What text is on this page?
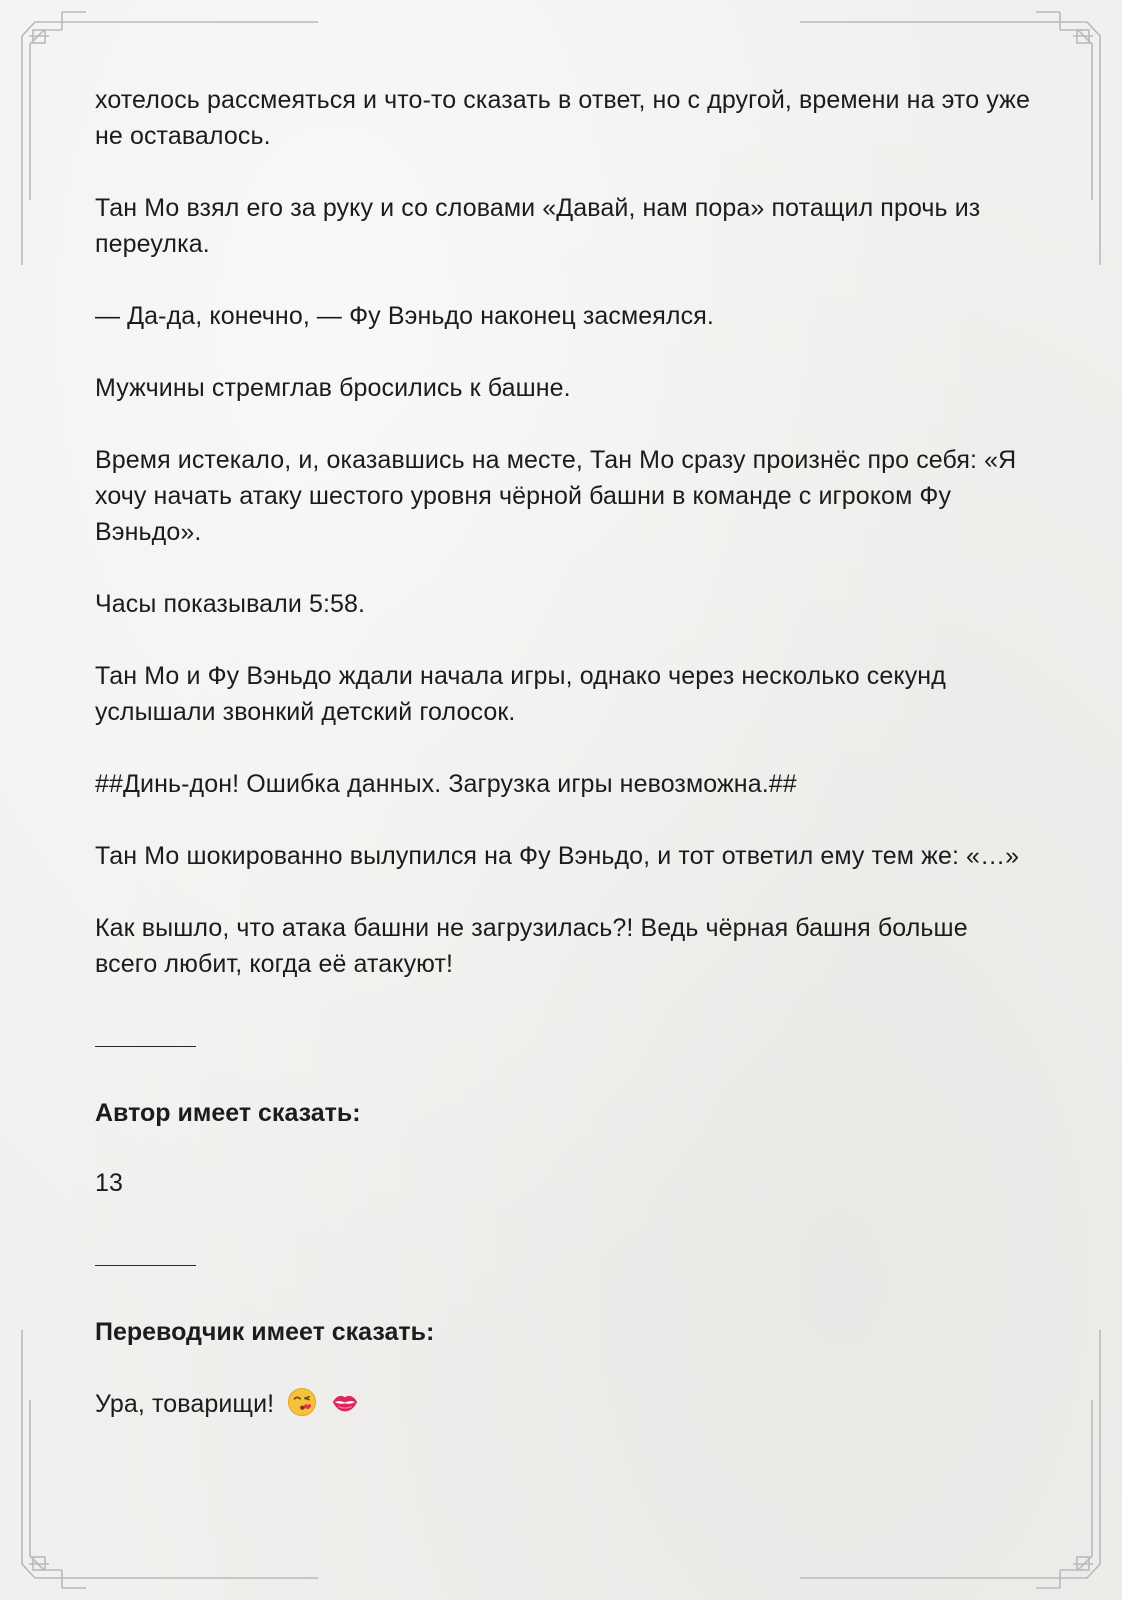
хотелось рассмеяться и что-то сказать в ответ, но с другой, времени на это уже не оставалось.

Тан Мо взял его за руку и со словами «Давай, нам пора» потащил прочь из переулка.

— Да-да, конечно, — Фу Вэньдо наконец засмеялся.

Мужчины стремглав бросились к башне.

Время истекало, и, оказавшись на месте, Тан Мо сразу произнёс про себя: «Я хочу начать атаку шестого уровня чёрной башни в команде с игроком Фу Вэньдо».

Часы показывали 5:58.

Тан Мо и Фу Вэньдо ждали начала игры, однако через несколько секунд услышали звонкий детский голосок.

##Динь-дон! Ошибка данных. Загрузка игры невозможна.##

Тан Мо шокированно вылупился на Фу Вэньдо, и тот ответил ему тем же: «…»

Как вышло, что атака башни не загрузилась?! Ведь чёрная башня больше всего любит, когда её атакуют!

Автор имеет сказать:

13

Переводчик имеет сказать:

Ура, товарищи!
